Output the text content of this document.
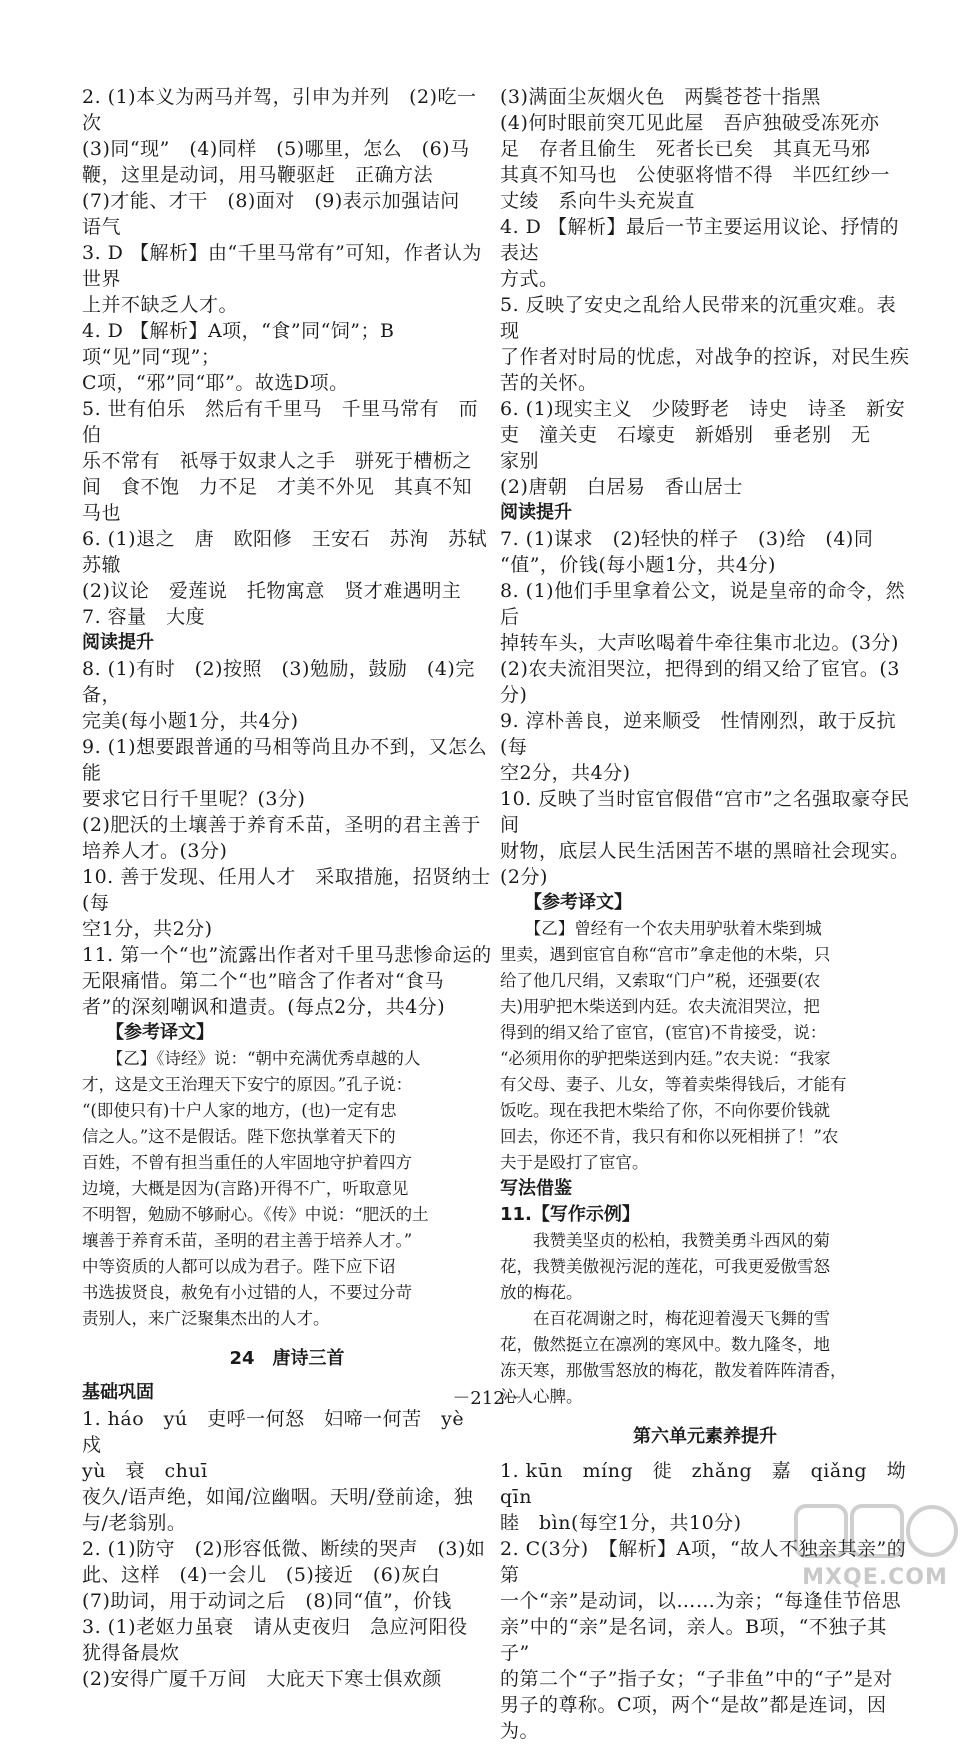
2. (1)本义为两马并驾，引申为并列　(2)吃一次
(3)同“现”　(4)同样　(5)哪里，怎么　(6)马
鞭，这里是动词，用马鞭驱赶　正确方法
(7)才能、才干　(8)面对　(9)表示加强诘问
语气

3. D 【解析】由“千里马常有”可知，作者认为世界
上并不缺乏人才。

4. D 【解析】A项，“食”同“饲”；B项“见”同“现”；
C项，“邪”同“耶”。故选D项。

5. 世有伯乐　然后有千里马　千里马常有　而伯
乐不常有　祇辱于奴隶人之手　骈死于槽枥之
间　食不饱　力不足　才美不外见　其真不知
马也

6. (1)退之　唐　欧阳修　王安石　苏洵　苏轼
苏辙
(2)议论　爱莲说　托物寓意　贤才难遇明主

7. 容量　大度

阅读提升

8. (1)有时　(2)按照　(3)勉励，鼓励　(4)完备，
完美(每小题1分，共4分)

9. (1)想要跟普通的马相等尚且办不到，又怎么能
要求它日行千里呢？(3分)
(2)肥沃的土壤善于养育禾苗，圣明的君主善于
培养人才。(3分)

10. 善于发现、任用人才　采取措施，招贤纳士(每
空1分，共2分)

11. 第一个“也”流露出作者对千里马悲惨命运的
无限痛惜。第二个“也”暗含了作者对“食马
者”的深刻嘲讽和遣责。(每点2分，共4分)

【参考译文】

　　【乙】《诗经》说：“朝中充满优秀卓越的人
才，这是文王治理天下安宁的原因。”孔子说：
“(即使只有)十户人家的地方，(也)一定有忠
信之人。”这不是假话。陛下您执掌着天下的
百姓，不曾有担当重任的人牢固地守护着四方
边境，大概是因为(言路)开得不广，听取意见
不明智，勉励不够耐心。《传》中说：“肥沃的土
壤善于养育禾苗，圣明的君主善于培养人才。”
中等资质的人都可以成为君子。陛下应下诏
书选拔贤良，赦免有小过错的人，不要过分苛
责别人，来广泛聚集杰出的人才。

24　唐诗三首

基础巩固

1. háo　yú　吏呼一何怒　妇啼一何苦　yè　戍
yù　衰　chuī
夜久/语声绝，如闻/泣幽咽。天明/登前途，独
与/老翁别。

2. (1)防守　(2)形容低微、断续的哭声　(3)如
此、这样　(4)一会儿　(5)接近　(6)灰白
(7)助词，用于动词之后　(8)同“值”，价钱

3. (1)老妪力虽衰　请从吏夜归　急应河阳役
犹得备晨炊
(2)安得广厦千万间　大庇天下寒士俱欢颜

(3)满面尘灰烟火色　两鬓苍苍十指黑
(4)何时眼前突兀见此屋　吾庐独破受冻死亦
足　存者且偷生　死者长已矣　其真无马邪
其真不知马也　公使驱将惜不得　半匹红纱一
丈绫　系向牛头充炭直

4. D 【解析】最后一节主要运用议论、抒情的表达
方式。

5. 反映了安史之乱给人民带来的沉重灾难。表现
了作者对时局的忧虑，对战争的控诉，对民生疾
苦的关怀。

6. (1)现实主义　少陵野老　诗史　诗圣　新安
吏　潼关吏　石壕吏　新婚别　垂老别　无
家别
(2)唐朝　白居易　香山居士

阅读提升

7. (1)谋求　(2)轻快的样子　(3)给　(4)同
“值”，价钱(每小题1分，共4分)

8. (1)他们手里拿着公文，说是皇帝的命令，然后
掉转车头，大声吆喝着牛牵往集市北边。(3分)
(2)农夫流泪哭泣，把得到的绢又给了宦官。(3分)

9. 淳朴善良，逆来顺受　性情刚烈，敢于反抗(每
空2分，共4分)

10. 反映了当时宦官假借“宫市”之名强取豪夺民间
财物，底层人民生活困苦不堪的黑暗社会现实。
(2分)

【参考译文】

　　【乙】曾经有一个农夫用驴驮着木柴到城
里卖，遇到宦官自称“宫市”拿走他的木柴，只
给了他几尺绢，又索取“门户”税，还强要(农
夫)用驴把木柴送到内廷。农夫流泪哭泣，把
得到的绢又给了宦官，(宦官)不肯接受，说：
“必须用你的驴把柴送到内廷。”农夫说：“我家
有父母、妻子、儿女，等着卖柴得钱后，才能有
饭吃。现在我把木柴给了你，不向你要价钱就
回去，你还不肯，我只有和你以死相拼了！”农
夫于是殴打了宦官。

写法借鉴

11.【写作示例】

　　我赞美坚贞的松柏，我赞美勇斗西风的菊
花，我赞美傲视污泥的莲花，可我更爱傲雪怒
放的梅花。
　　在百花凋谢之时，梅花迎着漫天飞舞的雪
花，傲然挺立在凛冽的寒风中。数九隆冬，地
冻天寒，那傲雪怒放的梅花，散发着阵阵清香，
沁人心脾。

第六单元素养提升

1. kūn　míng　徙　zhǎng　嘉　qiǎng　坳　qīn
睦　bìn(每空1分，共10分)

2. C(3分)　【解析】A项，“故人不独亲其亲”的第
一个“亲”是动词，以……为亲；“每逢佳节倍思
亲”中的“亲”是名词，亲人。B项，“不独子其子”
的第二个“子”指子女；“子非鱼”中的“子”是对
男子的尊称。C项，两个“是故”都是连词，因为。

－212－
MXQE.COM
